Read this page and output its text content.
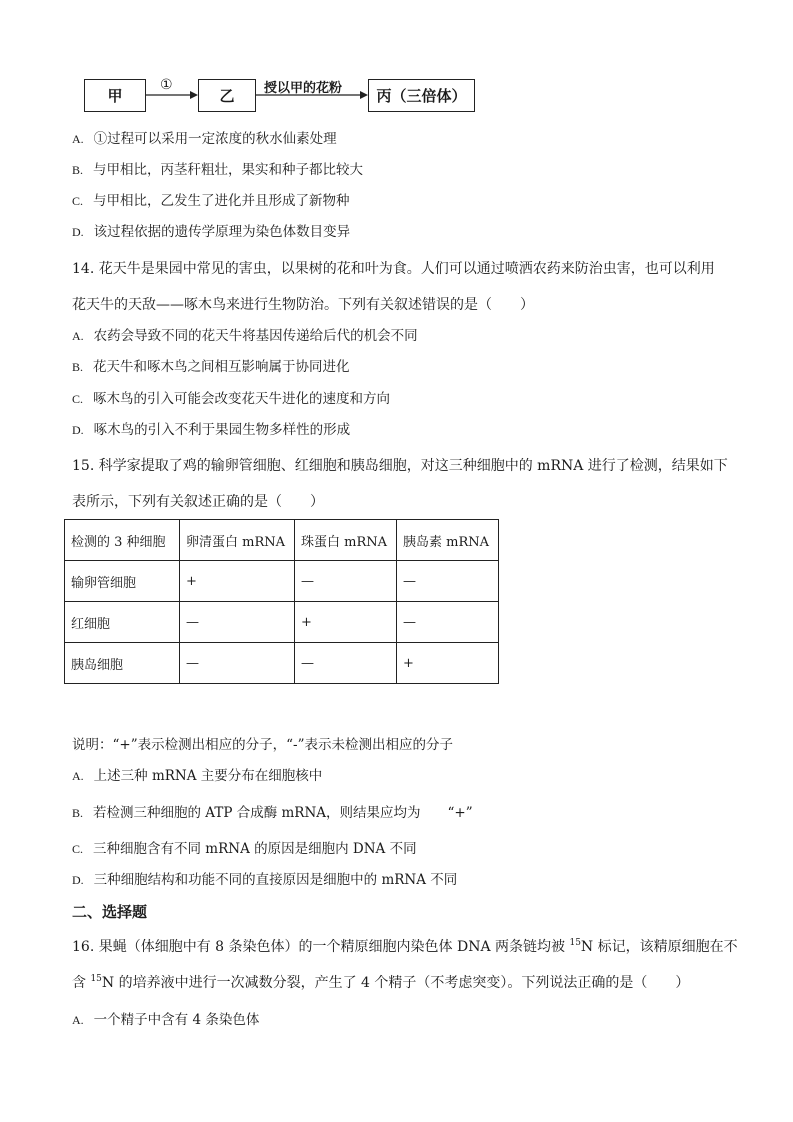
甲
①
乙	授以甲的花粉	丙（三倍体）
A. ①过程可以采用一定浓度的秋水仙素处理
B. 与甲相比，丙茎秆粗壮，果实和种子都比较大
C. 与甲相比，乙发生了进化并且形成了新物种
D. 该过程依据的遗传学原理为染色体数目变异
14. 花天牛是果园中常见的害虫，以果树的花和叶为食。人们可以通过喷洒农药来防治虫害，也可以利用
花天牛的天敌——啄木鸟来进行生物防治。下列有关叙述错误的是（　　）
A. 农药会导致不同的花天牛将基因传递给后代的机会不同
B. 花天牛和啄木鸟之间相互影响属于协同进化
C. 啄木鸟的引入可能会改变花天牛进化的速度和方向
D. 啄木鸟的引入不利于果园生物多样性的形成
15. 科学家提取了鸡的输卵管细胞、红细胞和胰岛细胞，对这三种细胞中的 mRNA 进行了检测，结果如下
表所示，下列有关叙述正确的是（　　）
检测的 3 种细胞	卵清蛋白 mRNA	珠蛋白 mRNA	胰岛素 mRNA
输卵管细胞	+	—	—
红细胞	—	+	—
胰岛细胞	—	—	+
说明：“+”表示检测出相应的分子，“-”表示未检测出相应的分子
A. 上述三种 mRNA 主要分布在细胞核中
B. 若检测三种细胞的 ATP 合成酶 mRNA，则结果应均为　　“+”
C. 三种细胞含有不同 mRNA 的原因是细胞内 DNA 不同
D. 三种细胞结构和功能不同的直接原因是细胞中的 mRNA 不同
二、选择题
16. 果蝇（体细胞中有 8 条染色体）的一个精原细胞内染色体 DNA 两条链均被 $^{15}$N 标记，该精原细胞在不
含 $^{15}$N 的培养液中进行一次减数分裂，产生了 4 个精子（不考虑突变）。下列说法正确的是（　　）
A. 一个精子中含有 4 条染色体
